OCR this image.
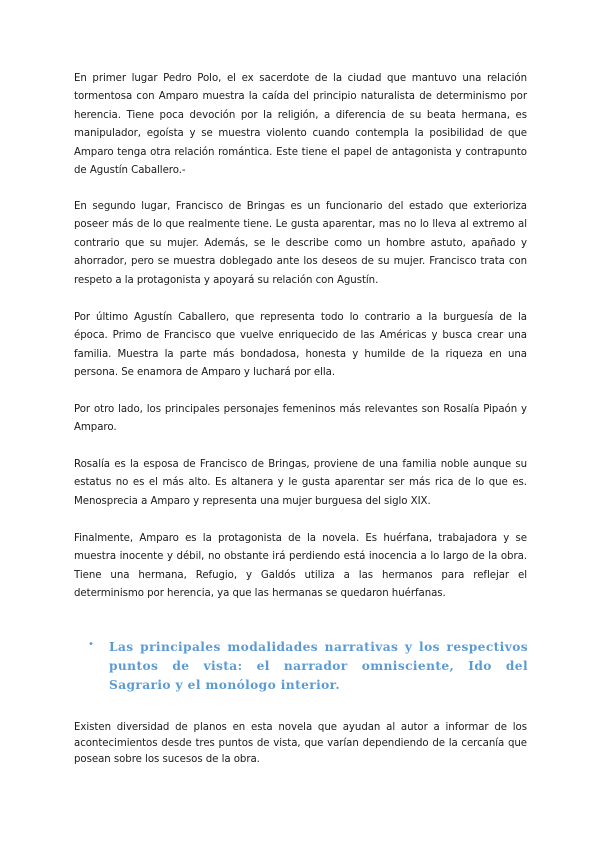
En primer lugar Pedro Polo, el ex sacerdote de la ciudad que mantuvo una relación tormentosa con Amparo muestra la caída del principio naturalista de determinismo por herencia. Tiene poca devoción por la religión, a diferencia de su beata hermana, es manipulador, egoísta y se muestra violento cuando contempla la posibilidad de que Amparo tenga otra relación romántica. Este tiene el papel de antagonista y contrapunto de Agustín Caballero.-

En segundo lugar, Francisco de Bringas es un funcionario del estado que exterioriza poseer más de lo que realmente tiene. Le gusta aparentar, mas no lo lleva al extremo al contrario que su mujer. Además, se le describe como un hombre astuto, apañado y ahorrador, pero se muestra doblegado ante los deseos de su mujer. Francisco trata con respeto a la protagonista y apoyará su relación con Agustín.

Por último Agustín Caballero, que representa todo lo contrario a la burguesía de la época. Primo de Francisco que vuelve enriquecido de las Américas y busca crear una familia. Muestra la parte más bondadosa, honesta y humilde de la riqueza en una persona. Se enamora de Amparo y luchará por ella.

Por otro lado, los principales personajes femeninos más relevantes son Rosalía Pipaón y Amparo.

Rosalía es la esposa de Francisco de Bringas, proviene de una familia noble aunque su estatus no es el más alto. Es altanera y le gusta aparentar ser más rica de lo que es. Menosprecia a Amparo y representa una mujer burguesa del siglo XIX.

Finalmente, Amparo es la protagonista de la novela. Es huérfana, trabajadora y se muestra inocente y débil, no obstante irá perdiendo está inocencia a lo largo de la obra. Tiene una hermana, Refugio, y Galdós utiliza a las hermanos para reflejar el determinismo por herencia, ya que las hermanas se quedaron huérfanas.

• Las principales modalidades narrativas y los respectivos puntos de vista: el narrador omnisciente, Ido del Sagrario y el monólogo interior.

Existen diversidad de planos en esta novela que ayudan al autor a informar de los acontecimientos desde tres puntos de vista, que varían dependiendo de la cercanía que posean sobre los sucesos de la obra.
